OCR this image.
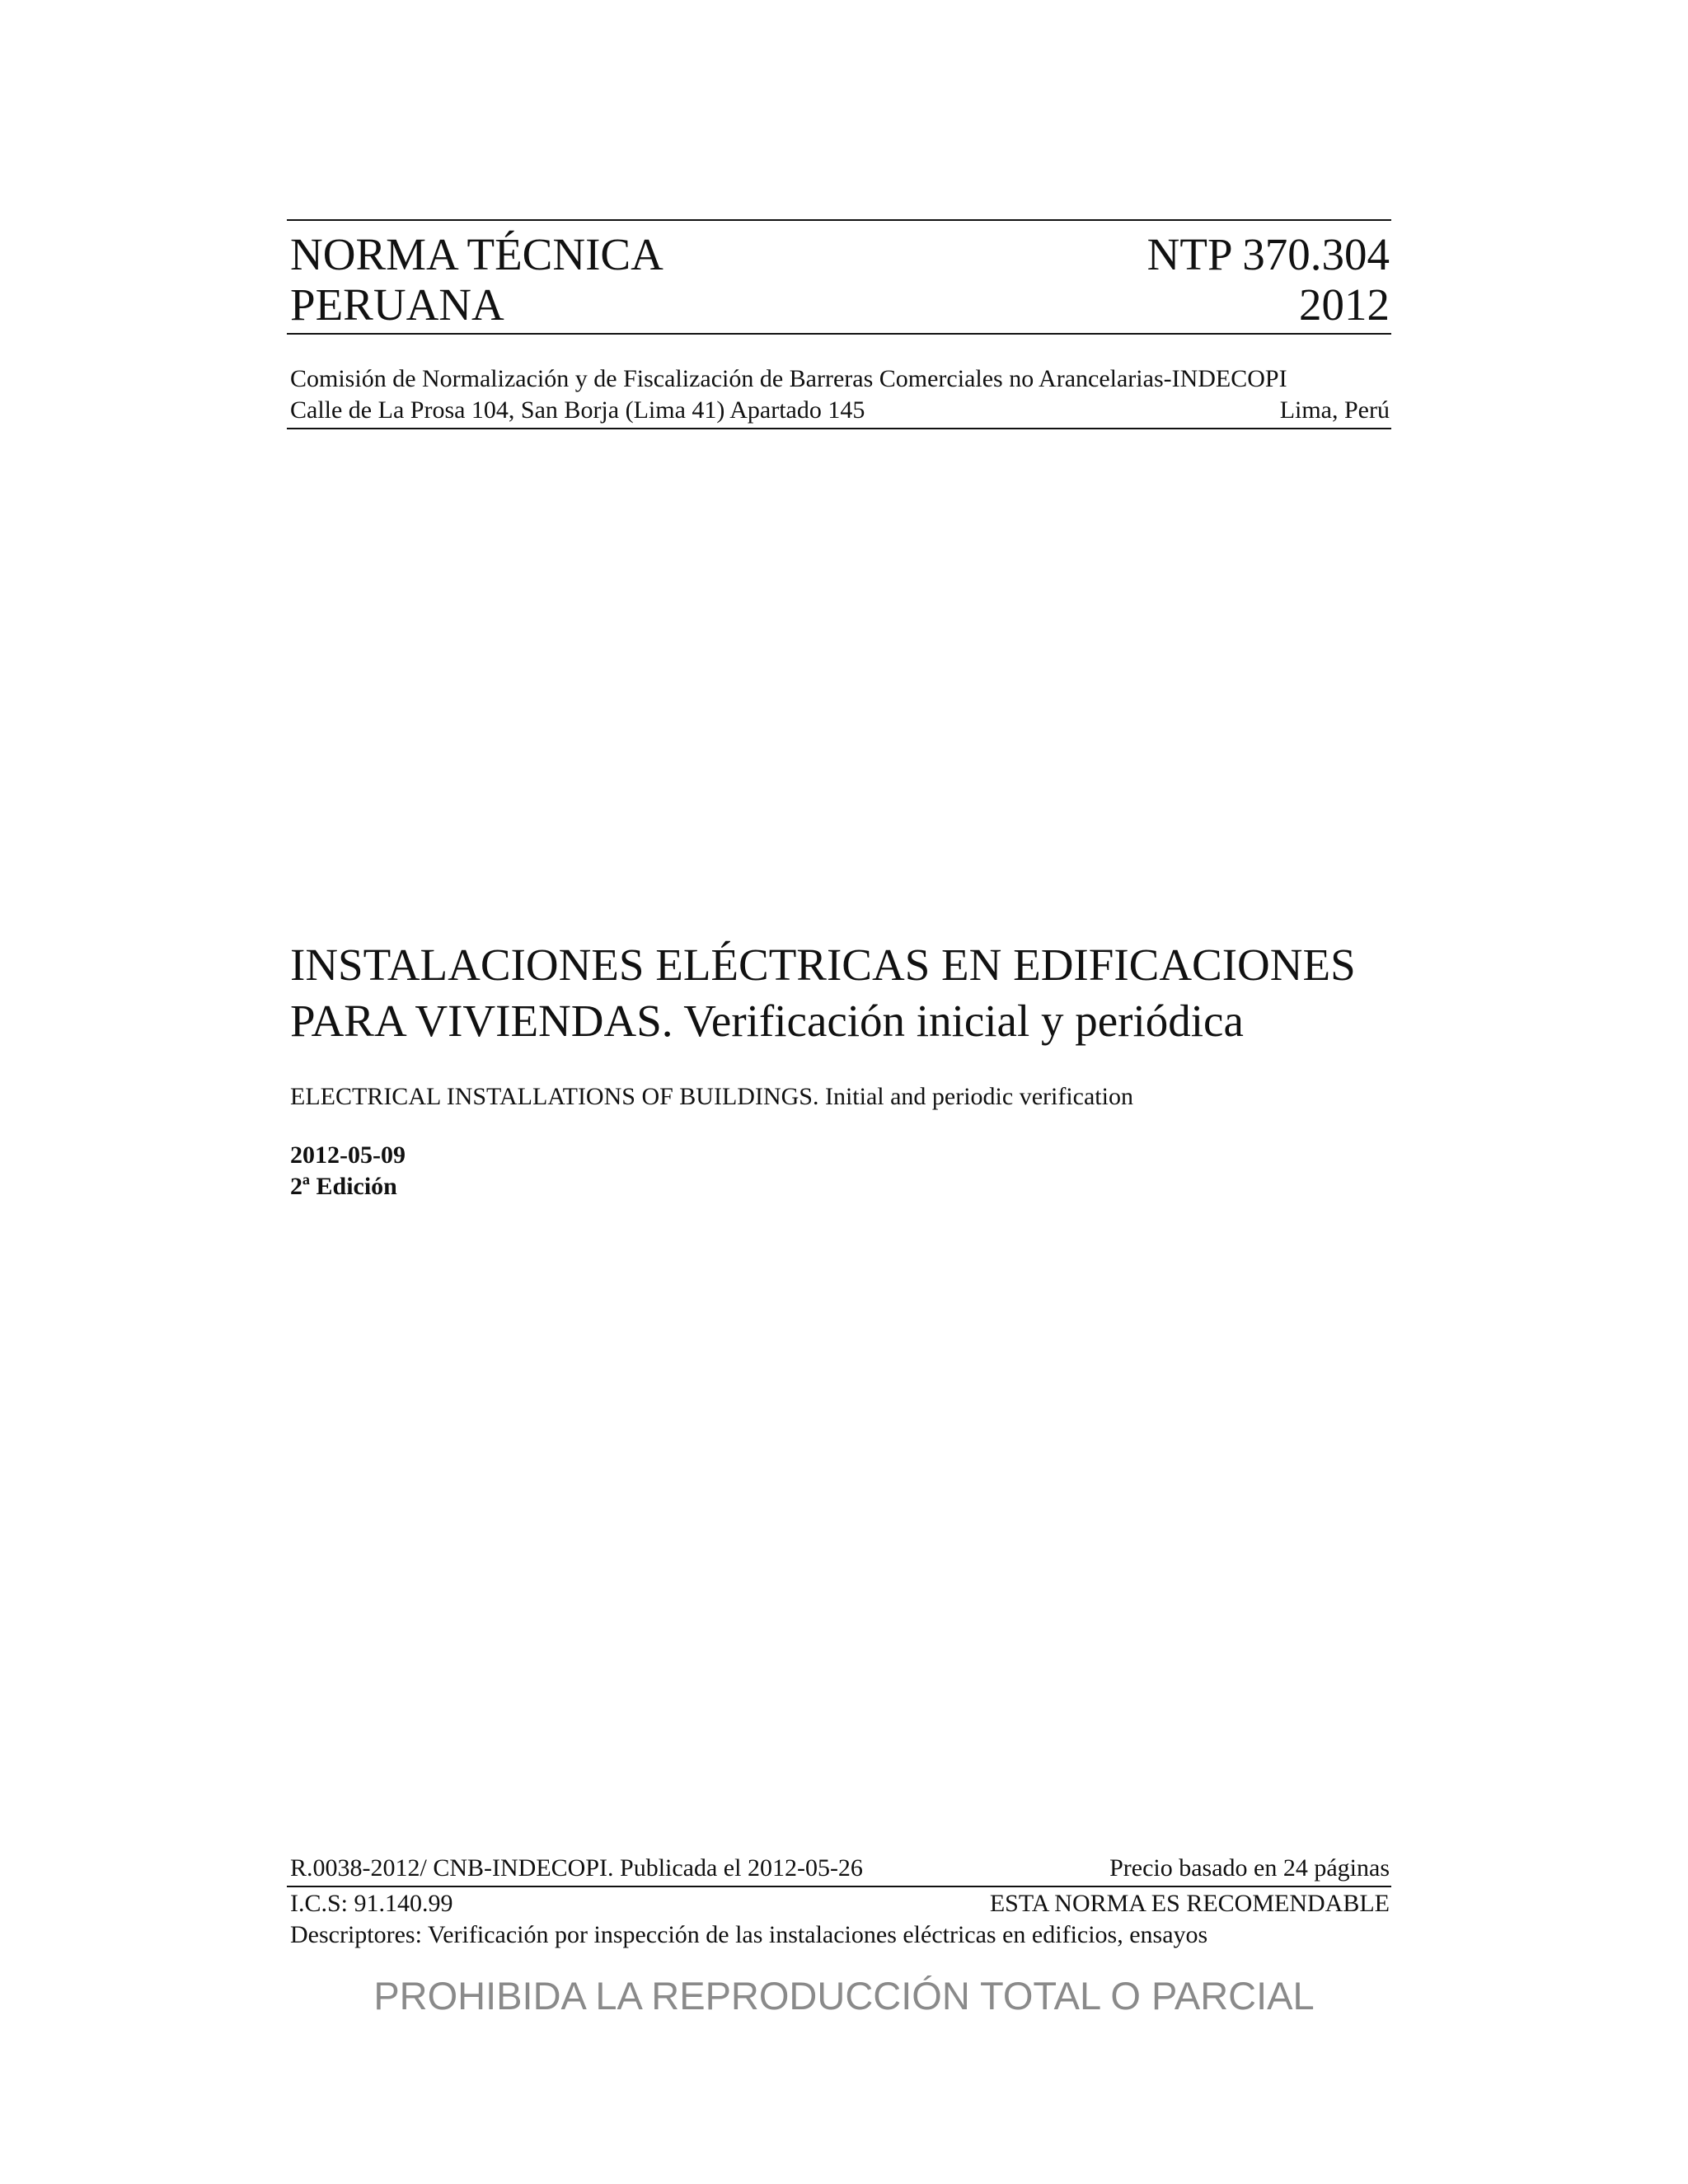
NORMA TÉCNICA	NTP 370.304
PERUANA	2012
Comisión de Normalización y de Fiscalización de Barreras Comerciales no Arancelarias-INDECOPI
Calle de La Prosa 104, San Borja (Lima 41) Apartado 145	Lima, Perú
INSTALACIONES ELÉCTRICAS EN EDIFICACIONES
PARA VIVIENDAS. Verificación inicial y periódica
ELECTRICAL INSTALLATIONS OF BUILDINGS. Initial and periodic verification
2012-05-09
2ª Edición
R.0038-2012/ CNB-INDECOPI. Publicada el 2012-05-26	Precio basado en 24 páginas
I.C.S: 91.140.99	ESTA NORMA ES RECOMENDABLE
Descriptores: Verificación por inspección de las instalaciones eléctricas en edificios, ensayos
PROHIBIDA LA REPRODUCCIÓN TOTAL O PARCIAL
